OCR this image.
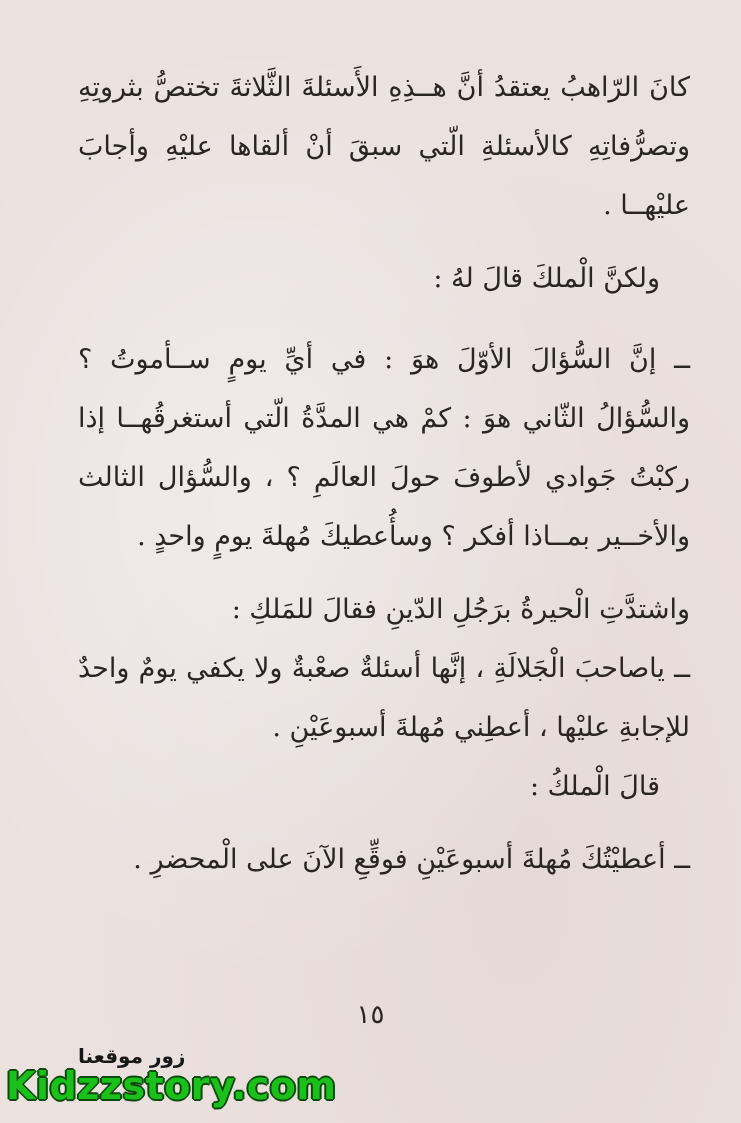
كانَ الرّاهبُ يعتقدُ أنَّ هــذِهِ الأَسئلةَ الثَّلاثةَ تختصُّ بثروتِهِ وتصرُّفاتِهِ كالأسئلةِ الّتي سبقَ أنْ ألقاها عليْهِ وأجابَ عليْهــا .

ولكنَّ الْملكَ قالَ لهُ :

ــ إنَّ السُّؤالَ الأوّلَ هوَ : في أيِّ يومٍ ســأموتُ ؟ والسُّؤالُ الثّاني هوَ : كمْ هي المدَّةُ الّتي أستغرقُهــا إذا ركبْتُ جَوادي لأطوفَ حولَ العالَمِ ؟ ، والسُّؤال الثالث والأخــير بمــاذا أفكر ؟ وسأُعطيكَ مُهلةَ يومٍ واحدٍ .

واشتدَّتِ الْحيرةُ برَجُلِ الدّينِ فقالَ للمَلكِ :

ــ ياصاحبَ الْجَلالَةِ ، إنَّها أسئلةٌ صعْبةٌ ولا يكفي يومٌ واحدٌ للإجابةِ عليْها ، أعطِني مُهلةَ أسبوعَيْنِ .

قالَ الْملكُ :

ــ أعطيْتُكَ مُهلةَ أسبوعَيْنِ فوقِّعِ الآنَ على الْمحضرِ .

١٥
زور موقعنا
Kidzzstory.com
